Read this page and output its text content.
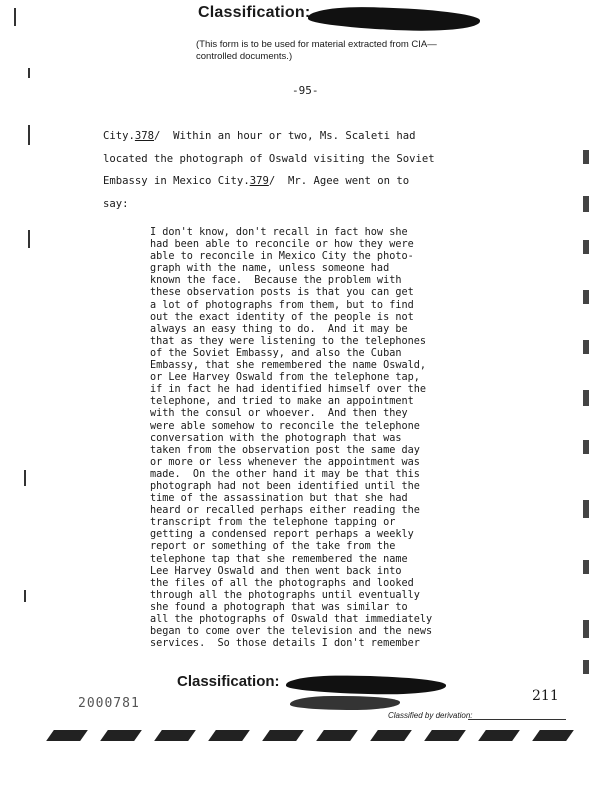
Classification:
(This form is to be used for material extracted from CIA—controlled documents.)
-95-
City.378/  Within an hour or two, Ms. Scaleti had
located the photograph of Oswald visiting the Soviet
Embassy in Mexico City.379/  Mr. Agee went on to
say:
I don't know, don't recall in fact how she
had been able to reconcile or how they were
able to reconcile in Mexico City the photo-
graph with the name, unless someone had
known the face.  Because the problem with
these observation posts is that you can get
a lot of photographs from them, but to find
out the exact identity of the people is not
always an easy thing to do.  And it may be
that as they were listening to the telephones
of the Soviet Embassy, and also the Cuban
Embassy, that she remembered the name Oswald,
or Lee Harvey Oswald from the telephone tap,
if in fact he had identified himself over the
telephone, and tried to make an appointment
with the consul or whoever.  And then they
were able somehow to reconcile the telephone
conversation with the photograph that was
taken from the observation post the same day
or more or less whenever the appointment was
made.  On the other hand it may be that this
photograph had not been identified until the
time of the assassination but that she had
heard or recalled perhaps either reading the
transcript from the telephone tapping or
getting a condensed report perhaps a weekly
report or something of the take from the
telephone tap that she remembered the name
Lee Harvey Oswald and then went back into
the files of all the photographs and looked
through all the photographs until eventually
she found a photograph that was similar to
all the photographs of Oswald that immediately
began to come over the television and the news
services.  So those details I don't remember
Classification:
211
2000781
Classified by derivation:
